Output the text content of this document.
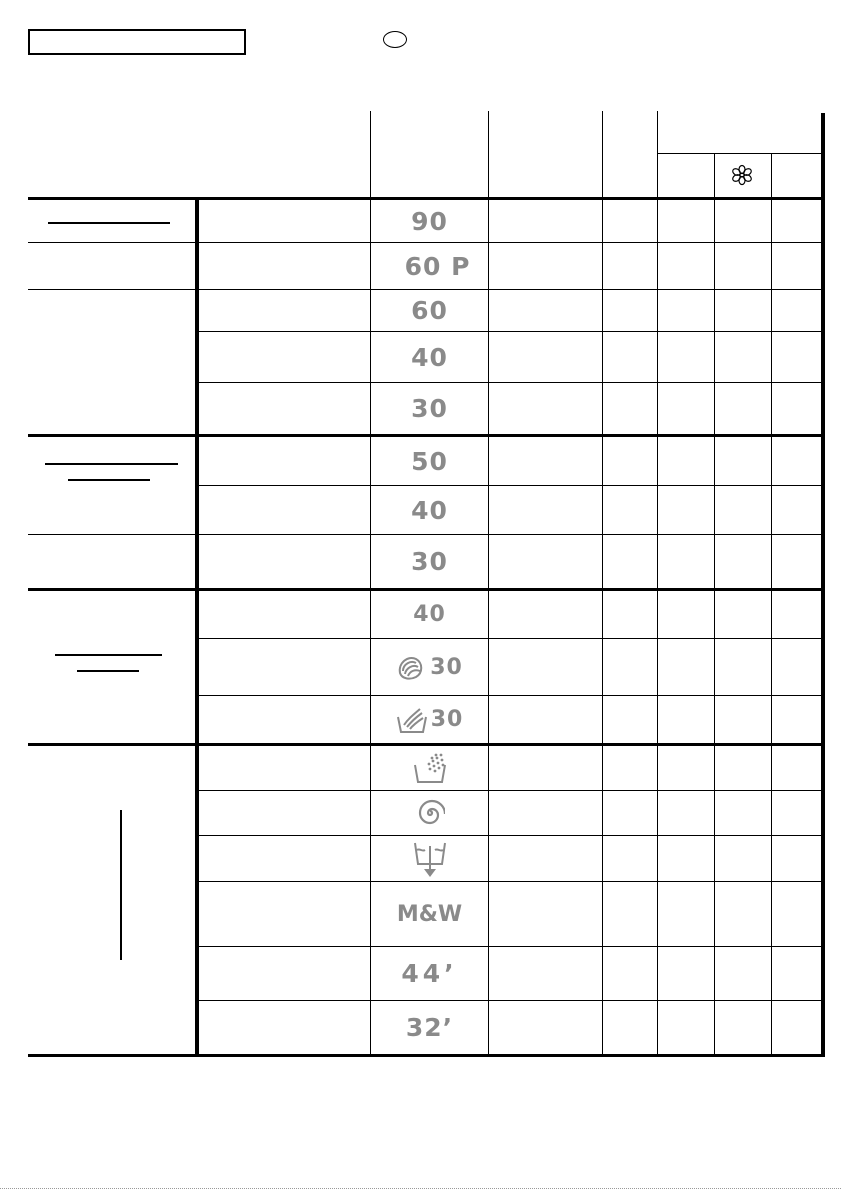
90
60 P
60
40
30
50
40
30
40
30
30
M&W
44’
32’
